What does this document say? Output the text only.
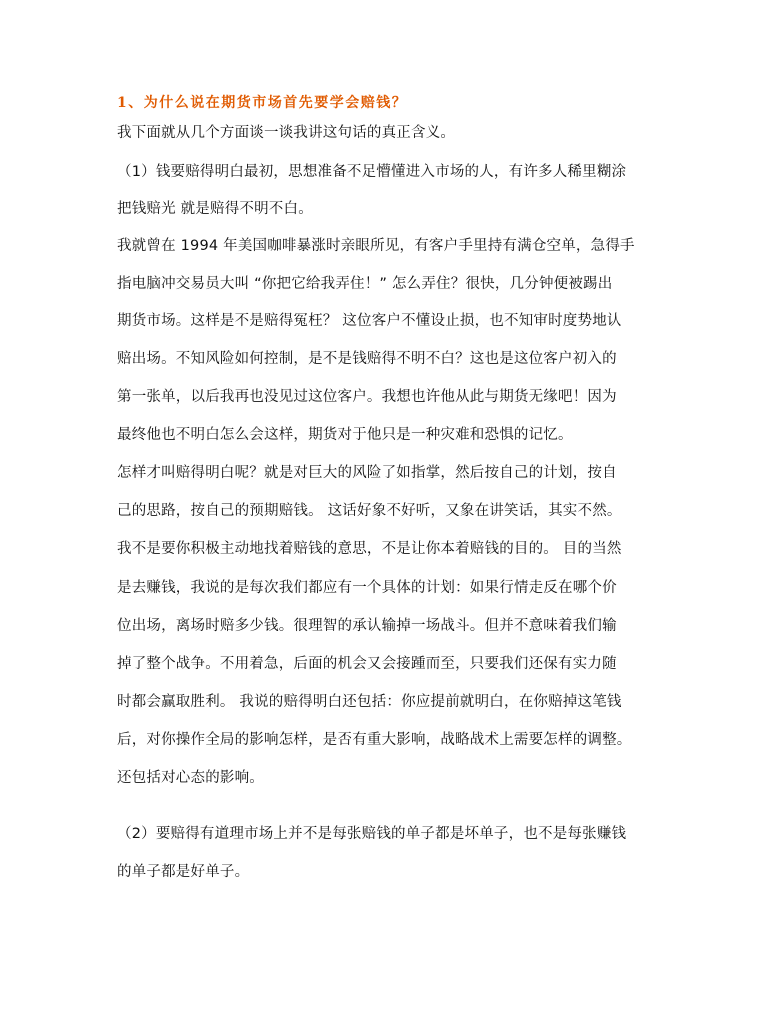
1、为什么说在期货市场首先要学会赔钱？
我下面就从几个方面谈一谈我讲这句话的真正含义。
（1）钱要赔得明白最初，思想准备不足懵懂进入市场的人，有许多人稀里糊涂
把钱赔光 就是赔得不明不白。
我就曾在 1994 年美国咖啡暴涨时亲眼所见，有客户手里持有满仓空单，急得手
指电脑冲交易员大叫 “你把它给我弄住！” 怎么弄住？很快，几分钟便被踢出
期货市场。这样是不是赔得冤枉？ 这位客户不懂设止损，也不知审时度势地认
赔出场。不知风险如何控制，是不是钱赔得不明不白？这也是这位客户初入的
第一张单，以后我再也没见过这位客户。我想也许他从此与期货无缘吧！因为
最终他也不明白怎么会这样，期货对于他只是一种灾难和恐惧的记忆。
怎样才叫赔得明白呢？就是对巨大的风险了如指掌，然后按自己的计划，按自
己的思路，按自己的预期赔钱。 这话好象不好听，又象在讲笑话，其实不然。
我不是要你积极主动地找着赔钱的意思，不是让你本着赔钱的目的。 目的当然
是去赚钱，我说的是每次我们都应有一个具体的计划：如果行情走反在哪个价
位出场，离场时赔多少钱。很理智的承认输掉一场战斗。但并不意味着我们输
掉了整个战争。不用着急，后面的机会又会接踵而至，只要我们还保有实力随
时都会赢取胜利。 我说的赔得明白还包括：你应提前就明白，在你赔掉这笔钱
后，对你操作全局的影响怎样，是否有重大影响，战略战术上需要怎样的调整。
还包括对心态的影响。
（2）要赔得有道理市场上并不是每张赔钱的单子都是坏单子，也不是每张赚钱
的单子都是好单子。
